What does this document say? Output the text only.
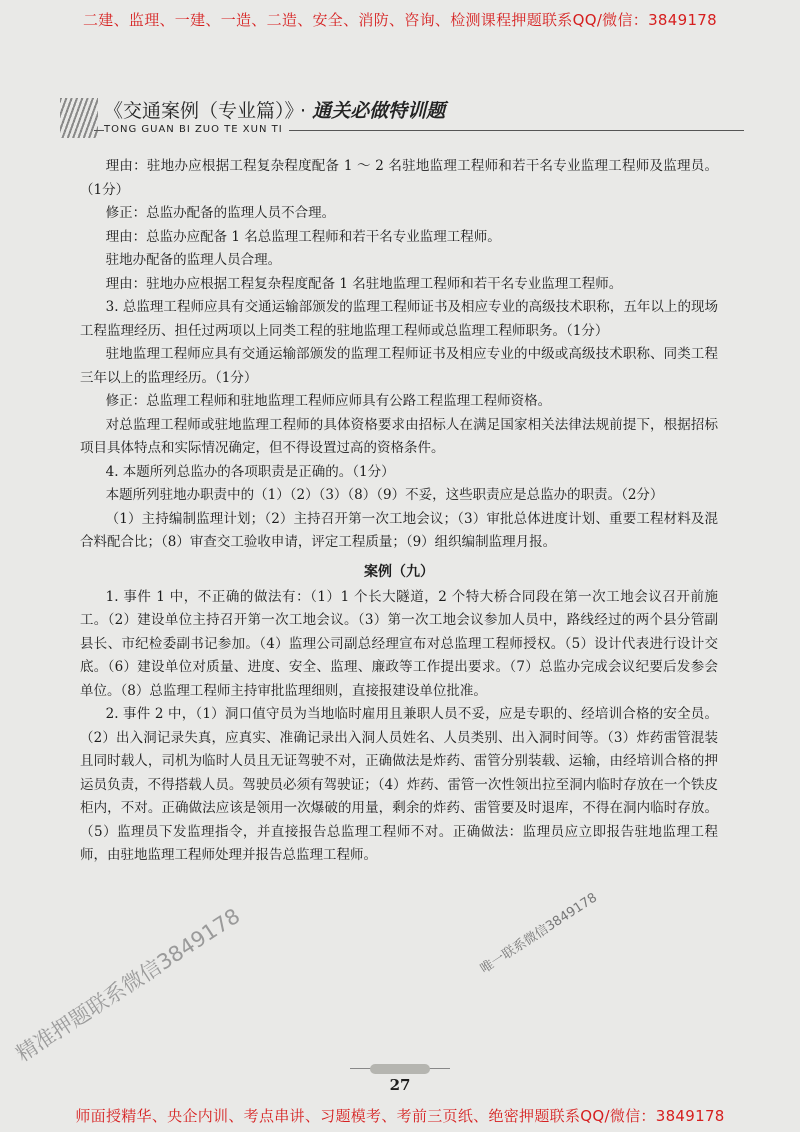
二建、监理、一建、一造、二造、安全、消防、咨询、检测课程押题联系QQ/微信：3849178
《交通案例（专业篇）》 · 通关必做特训题
TONG GUAN BI ZUO TE XUN TI

理由：驻地办应根据工程复杂程度配备 1 ～ 2 名驻地监理工程师和若干名专业监理工程师及监理员。（1分）

修正：总监办配备的监理人员不合理。

理由：总监办应配备 1 名总监理工程师和若干名专业监理工程师。

驻地办配备的监理人员合理。

理由：驻地办应根据工程复杂程度配备 1 名驻地监理工程师和若干名专业监理工程师。

3. 总监理工程师应具有交通运输部颁发的监理工程师证书及相应专业的高级技术职称，五年以上的现场工程监理经历、担任过两项以上同类工程的驻地监理工程师或总监理工程师职务。（1分）

驻地监理工程师应具有交通运输部颁发的监理工程师证书及相应专业的中级或高级技术职称、同类工程三年以上的监理经历。（1分）

修正：总监理工程师和驻地监理工程师应师具有公路工程监理工程师资格。

对总监理工程师或驻地监理工程师的具体资格要求由招标人在满足国家相关法律法规前提下，根据招标项目具体特点和实际情况确定，但不得设置过高的资格条件。

4. 本题所列总监办的各项职责是正确的。（1分）

本题所列驻地办职责中的（1）（2）（3）（8）（9）不妥，这些职责应是总监办的职责。（2分）

（1）主持编制监理计划；（2）主持召开第一次工地会议；（3）审批总体进度计划、重要工程材料及混合料配合比；（8）审查交工验收申请，评定工程质量；（9）组织编制监理月报。

案例（九）

1. 事件 1 中，不正确的做法有：（1）1 个长大隧道，2 个特大桥合同段在第一次工地会议召开前施工。（2）建设单位主持召开第一次工地会议。（3）第一次工地会议参加人员中，路线经过的两个县分管副县长、市纪检委副书记参加。（4）监理公司副总经理宣布对总监理工程师授权。（5）设计代表进行设计交底。（6）建设单位对质量、进度、安全、监理、廉政等工作提出要求。（7）总监办完成会议纪要后发参会单位。（8）总监理工程师主持审批监理细则，直接报建设单位批准。

2. 事件 2 中，（1）洞口值守员为当地临时雇用且兼职人员不妥，应是专职的、经培训合格的安全员。（2）出入洞记录失真，应真实、准确记录出入洞人员姓名、人员类别、出入洞时间等。（3）炸药雷管混装且同时载人，司机为临时人员且无证驾驶不对，正确做法是炸药、雷管分别装载、运输，由经培训合格的押运员负责，不得搭载人员。驾驶员必须有驾驶证；（4）炸药、雷管一次性领出拉至洞内临时存放在一个铁皮柜内，不对。正确做法应该是领用一次爆破的用量，剩余的炸药、雷管要及时退库，不得在洞内临时存放。（5）监理员下发监理指令，并直接报告总监理工程师不对。正确做法：监理员应立即报告驻地监理工程师，由驻地监理工程师处理并报告总监理工程师。

精准押题联系微信3849178	唯一联系微信3849178
27
师面授精华、央企内训、考点串讲、习题模考、考前三页纸、绝密押题联系QQ/微信：3849178
